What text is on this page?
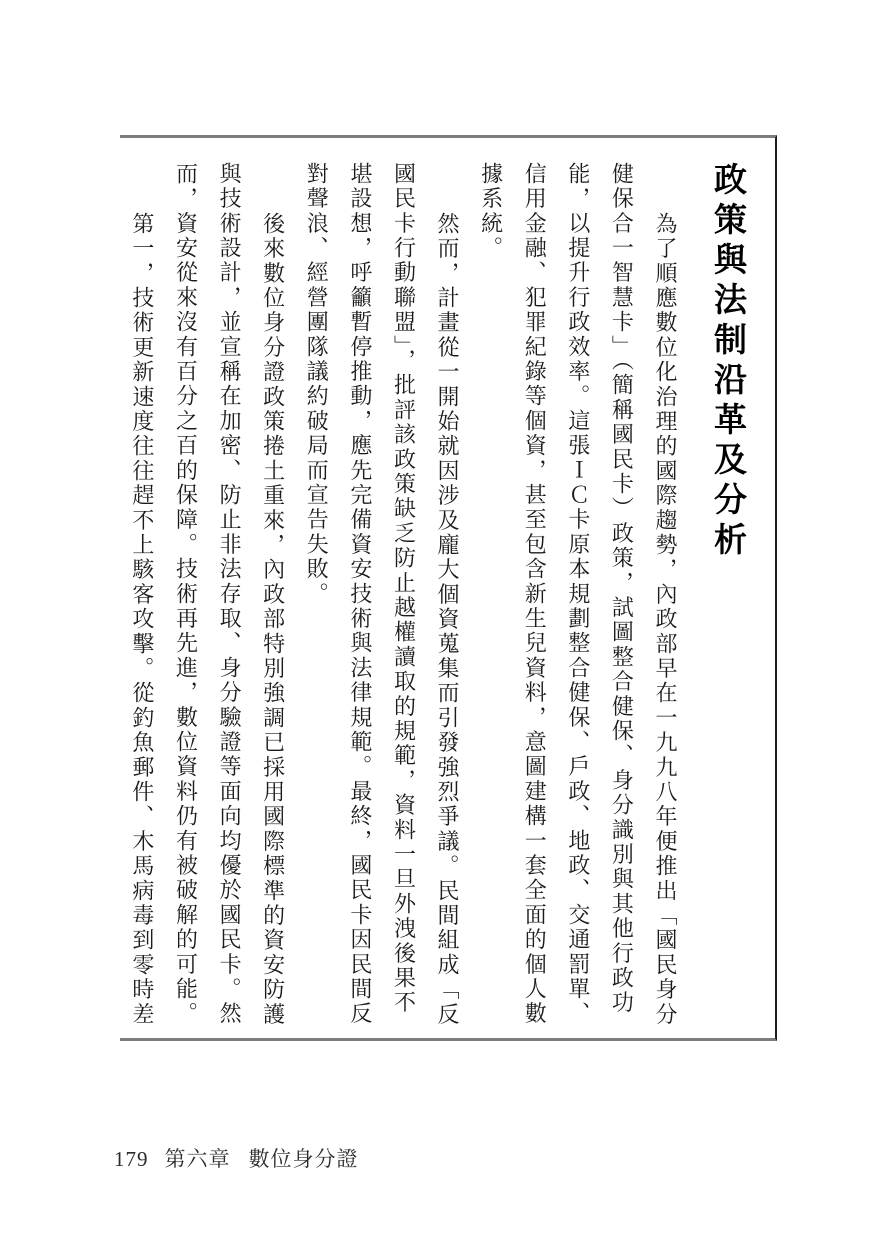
政策與法制沿革及分析

為了順應數位化治理的國際趨勢，內政部早在一九九八年便推出「國民身分健保合一智慧卡」（簡稱國民卡）政策，試圖整合健保、身分識別與其他行政功能，以提升行政效率。這張ＩＣ卡原本規劃整合健保、戶政、地政、交通罰單、信用金融、犯罪紀錄等個資，甚至包含新生兒資料，意圖建構一套全面的個人數據系統。

然而，計畫從一開始就因涉及龐大個資蒐集而引發強烈爭議。民間組成「反國民卡行動聯盟」，批評該政策缺乏防止越權讀取的規範，資料一旦外洩後果不堪設想，呼籲暫停推動，應先完備資安技術與法律規範。最終，國民卡因民間反對聲浪、經營團隊議約破局而宣告失敗。

後來數位身分證政策捲土重來，內政部特別強調已採用國際標準的資安防護與技術設計，並宣稱在加密、防止非法存取、身分驗證等面向均優於國民卡。然而，資安從來沒有百分之百的保障。技術再先進，數位資料仍有被破解的可能。

第一，技術更新速度往往趕不上駭客攻擊。從釣魚郵件、木馬病毒到零時差

179 第六章 數位身分證
